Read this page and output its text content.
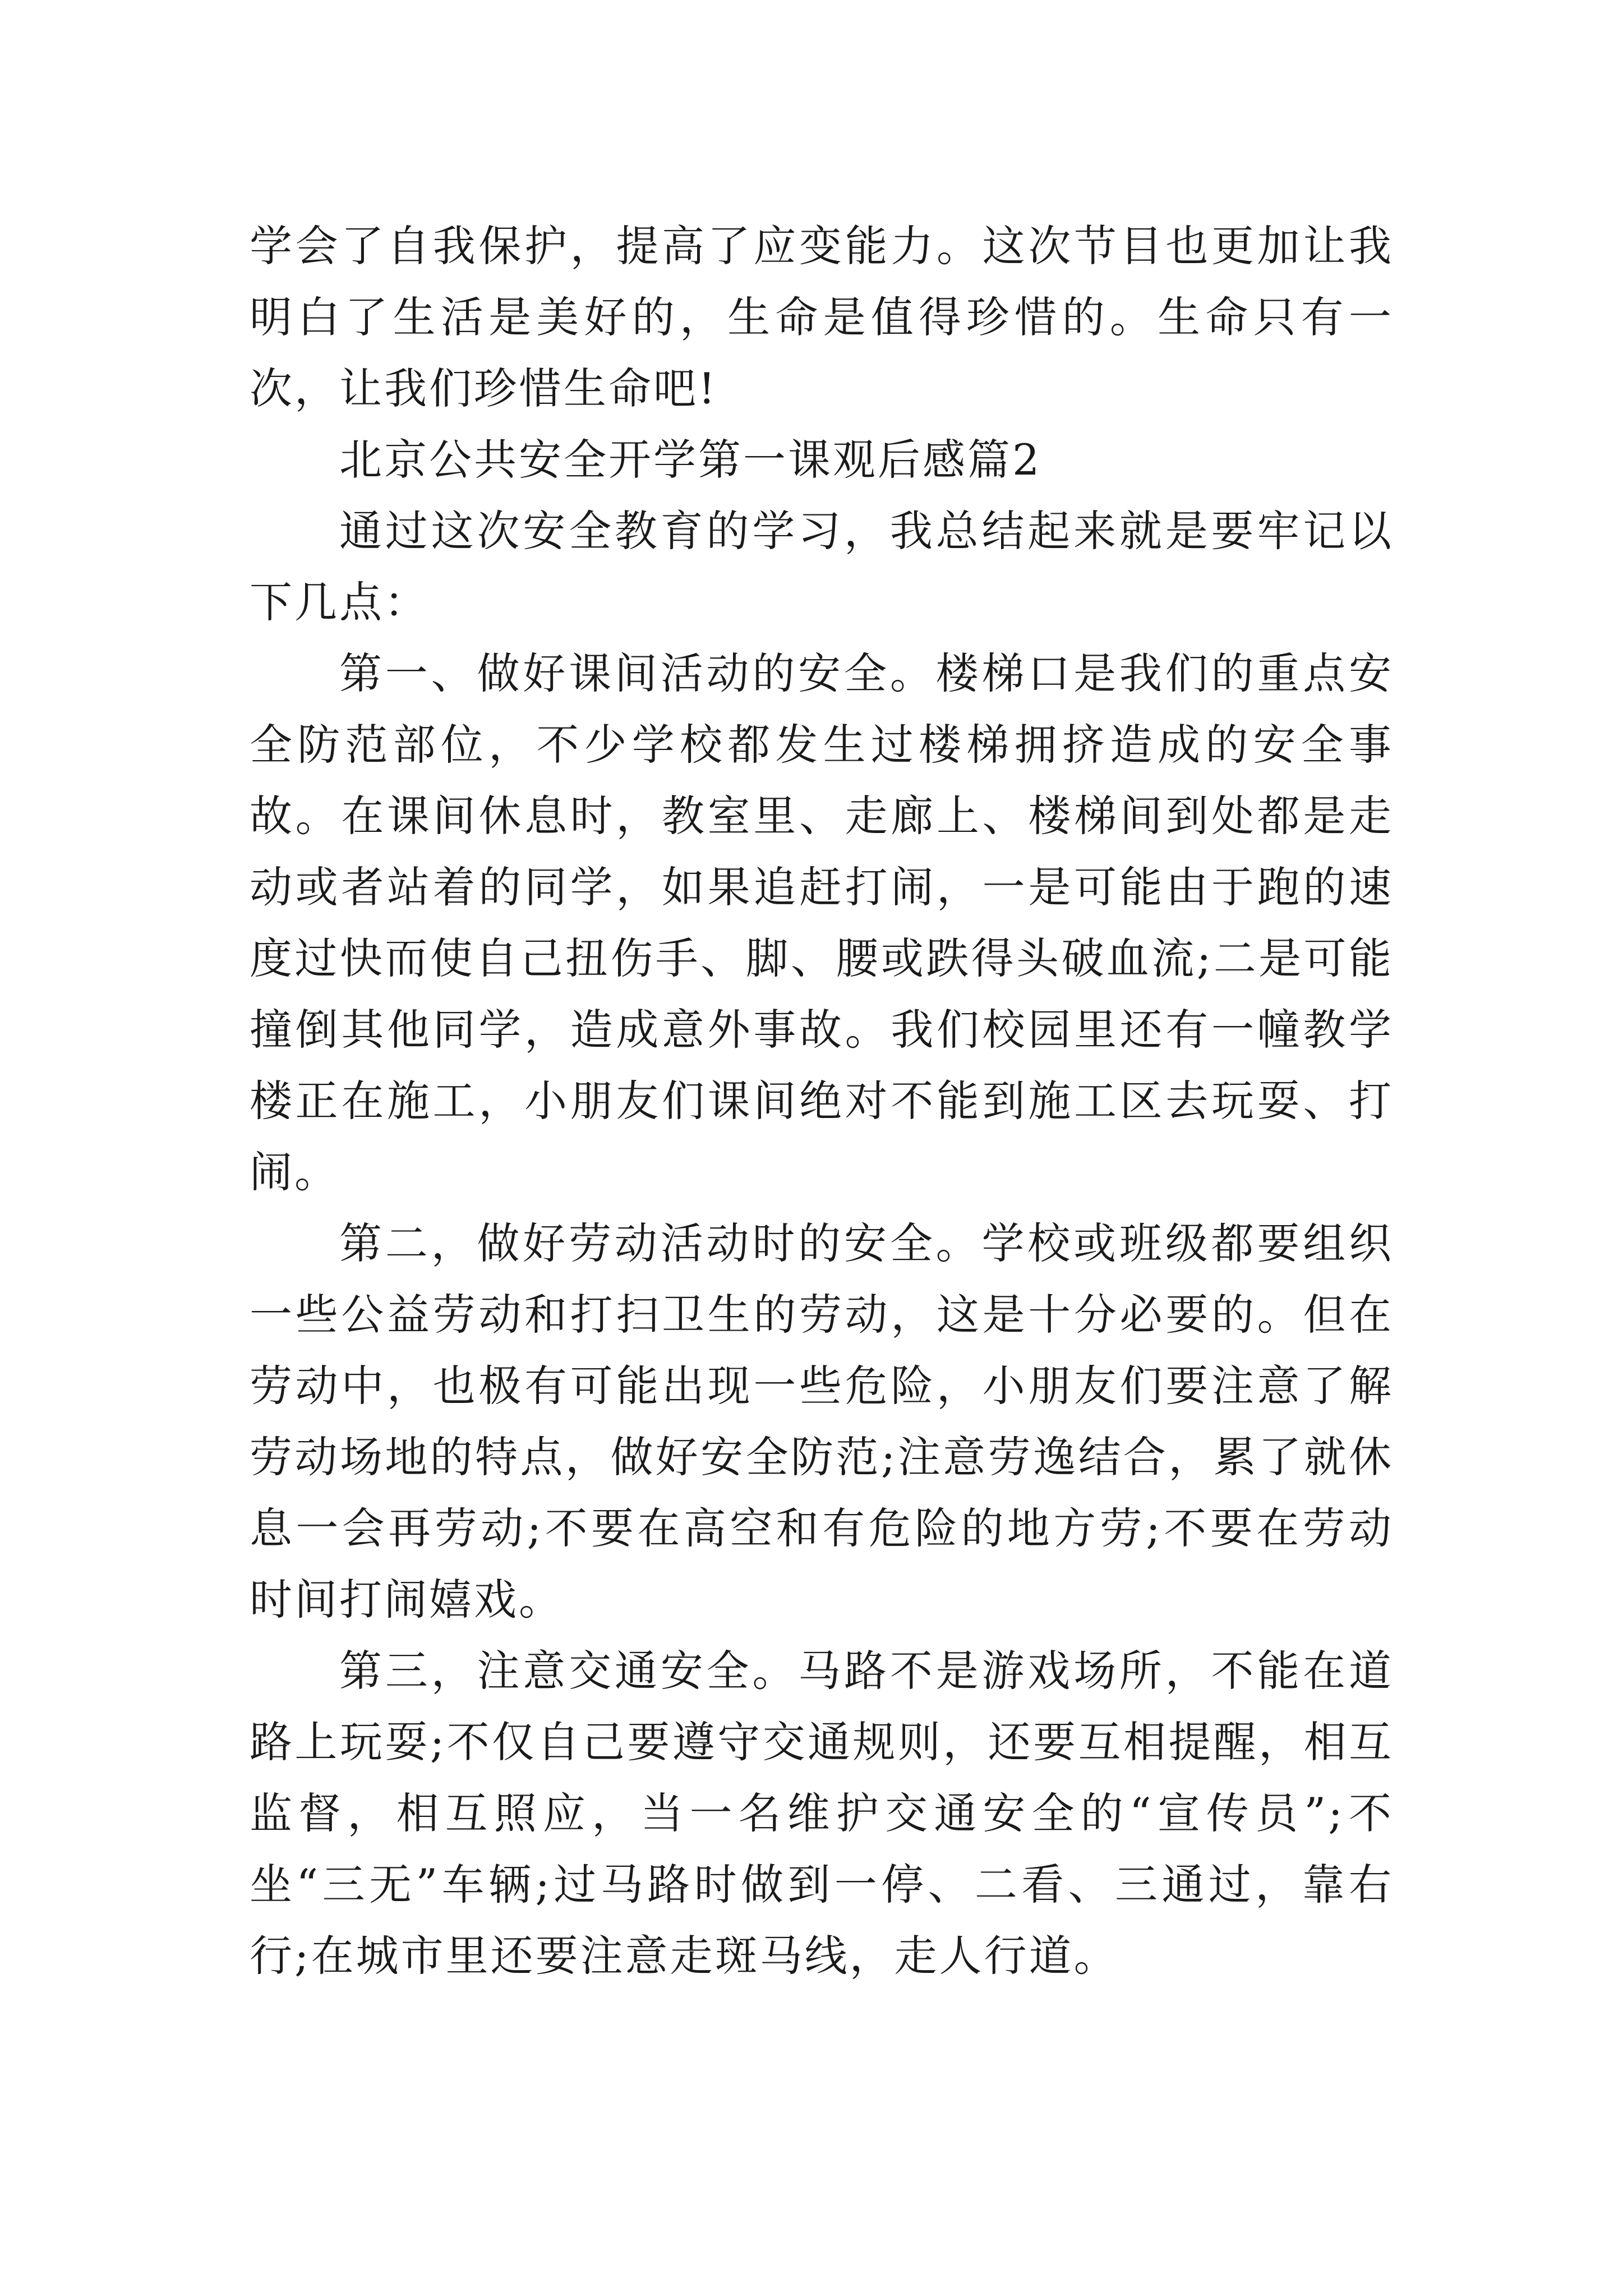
学会了自我保护，提高了应变能力。这次节目也更加让我明白了生活是美好的，生命是值得珍惜的。生命只有一次，让我们珍惜生命吧!

北京公共安全开学第一课观后感篇2

通过这次安全教育的学习，我总结起来就是要牢记以下几点：

第一、做好课间活动的安全。楼梯口是我们的重点安全防范部位，不少学校都发生过楼梯拥挤造成的安全事故。在课间休息时，教室里、走廊上、楼梯间到处都是走动或者站着的同学，如果追赶打闹，一是可能由于跑的速度过快而使自己扭伤手、脚、腰或跌得头破血流;二是可能撞倒其他同学，造成意外事故。我们校园里还有一幢教学楼正在施工，小朋友们课间绝对不能到施工区去玩耍、打闹。

第二，做好劳动活动时的安全。学校或班级都要组织一些公益劳动和打扫卫生的劳动，这是十分必要的。但在劳动中，也极有可能出现一些危险，小朋友们要注意了解劳动场地的特点，做好安全防范;注意劳逸结合，累了就休息一会再劳动;不要在高空和有危险的地方劳;不要在劳动时间打闹嬉戏。

第三，注意交通安全。马路不是游戏场所，不能在道路上玩耍;不仅自己要遵守交通规则，还要互相提醒，相互监督，相互照应，当一名维护交通安全的“宣传员”;不坐“三无”车辆;过马路时做到一停、二看、三通过，靠右行;在城市里还要注意走斑马线，走人行道。
